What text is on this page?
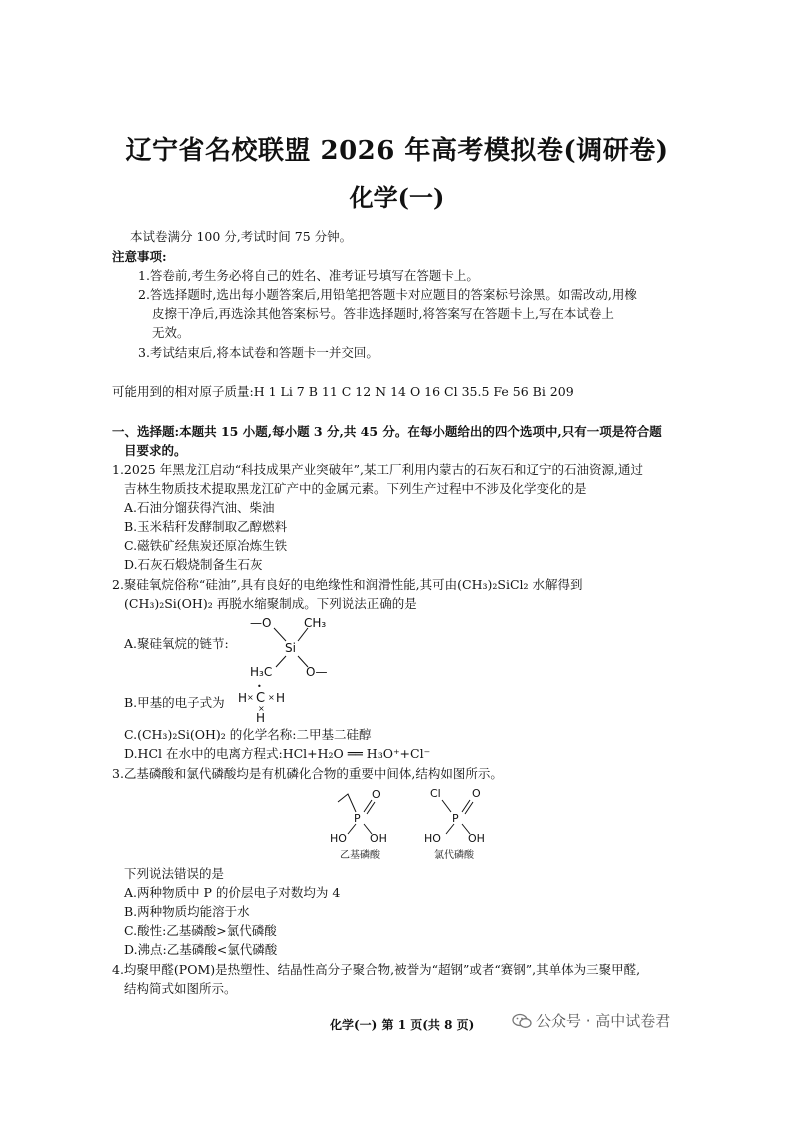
辽宁省名校联盟 2026 年高考模拟卷(调研卷)
化学(一)
本试卷满分 100 分,考试时间 75 分钟。
注意事项:
1.答卷前,考生务必将自己的姓名、准考证号填写在答题卡上。
2.答选择题时,选出每小题答案后,用铅笔把答题卡对应题目的答案标号涂黑。如需改动,用橡
皮擦干净后,再选涂其他答案标号。答非选择题时,将答案写在答题卡上,写在本试卷上
无效。
3.考试结束后,将本试卷和答题卡一并交回。
可能用到的相对原子质量:H 1 Li 7 B 11 C 12 N 14 O 16 Cl 35.5 Fe 56 Bi 209
一、选择题:本题共 15 小题,每小题 3 分,共 45 分。在每小题给出的四个选项中,只有一项是符合题
目要求的。
1.2025 年黑龙江启动“科技成果产业突破年”,某工厂利用内蒙古的石灰石和辽宁的石油资源,通过
吉林生物质技术提取黑龙江矿产中的金属元素。下列生产过程中不涉及化学变化的是
A.石油分馏获得汽油、柴油
B.玉米秸秆发酵制取乙醇燃料
C.磁铁矿经焦炭还原冶炼生铁
D.石灰石煅烧制备生石灰
2.聚硅氧烷俗称“硅油”,具有良好的电绝缘性和润滑性能,其可由(CH₃)₂SiCl₂ 水解得到
(CH₃)₂Si(OH)₂ 再脱水缩聚制成。下列说法正确的是
A.聚硅氧烷的链节:
—O	CH₃
Si
H₃C	O—
B.甲基的电子式为 H × C
•
× H
×
H
C.(CH₃)₂Si(OH)₂ 的化学名称:二甲基二硅醇
D.HCl 在水中的电离方程式:HCl+H₂O ══ H₃O⁺+Cl⁻
3.乙基磷酸和氯代磷酸均是有机磷化合物的重要中间体,结构如图所示。
P
O
HO OH
乙基磷酸
Cl
P
O
HO OH
氯代磷酸
下列说法错误的是
A.两种物质中 P 的价层电子对数均为 4
B.两种物质均能溶于水
C.酸性:乙基磷酸>氯代磷酸
D.沸点:乙基磷酸<氯代磷酸
4.均聚甲醛(POM)是热塑性、结晶性高分子聚合物,被誉为“超钢”或者“赛钢”,其单体为三聚甲醛,
结构简式如图所示。
化学(一) 第 1 页(共 8 页)	公众号 · 高中试卷君
